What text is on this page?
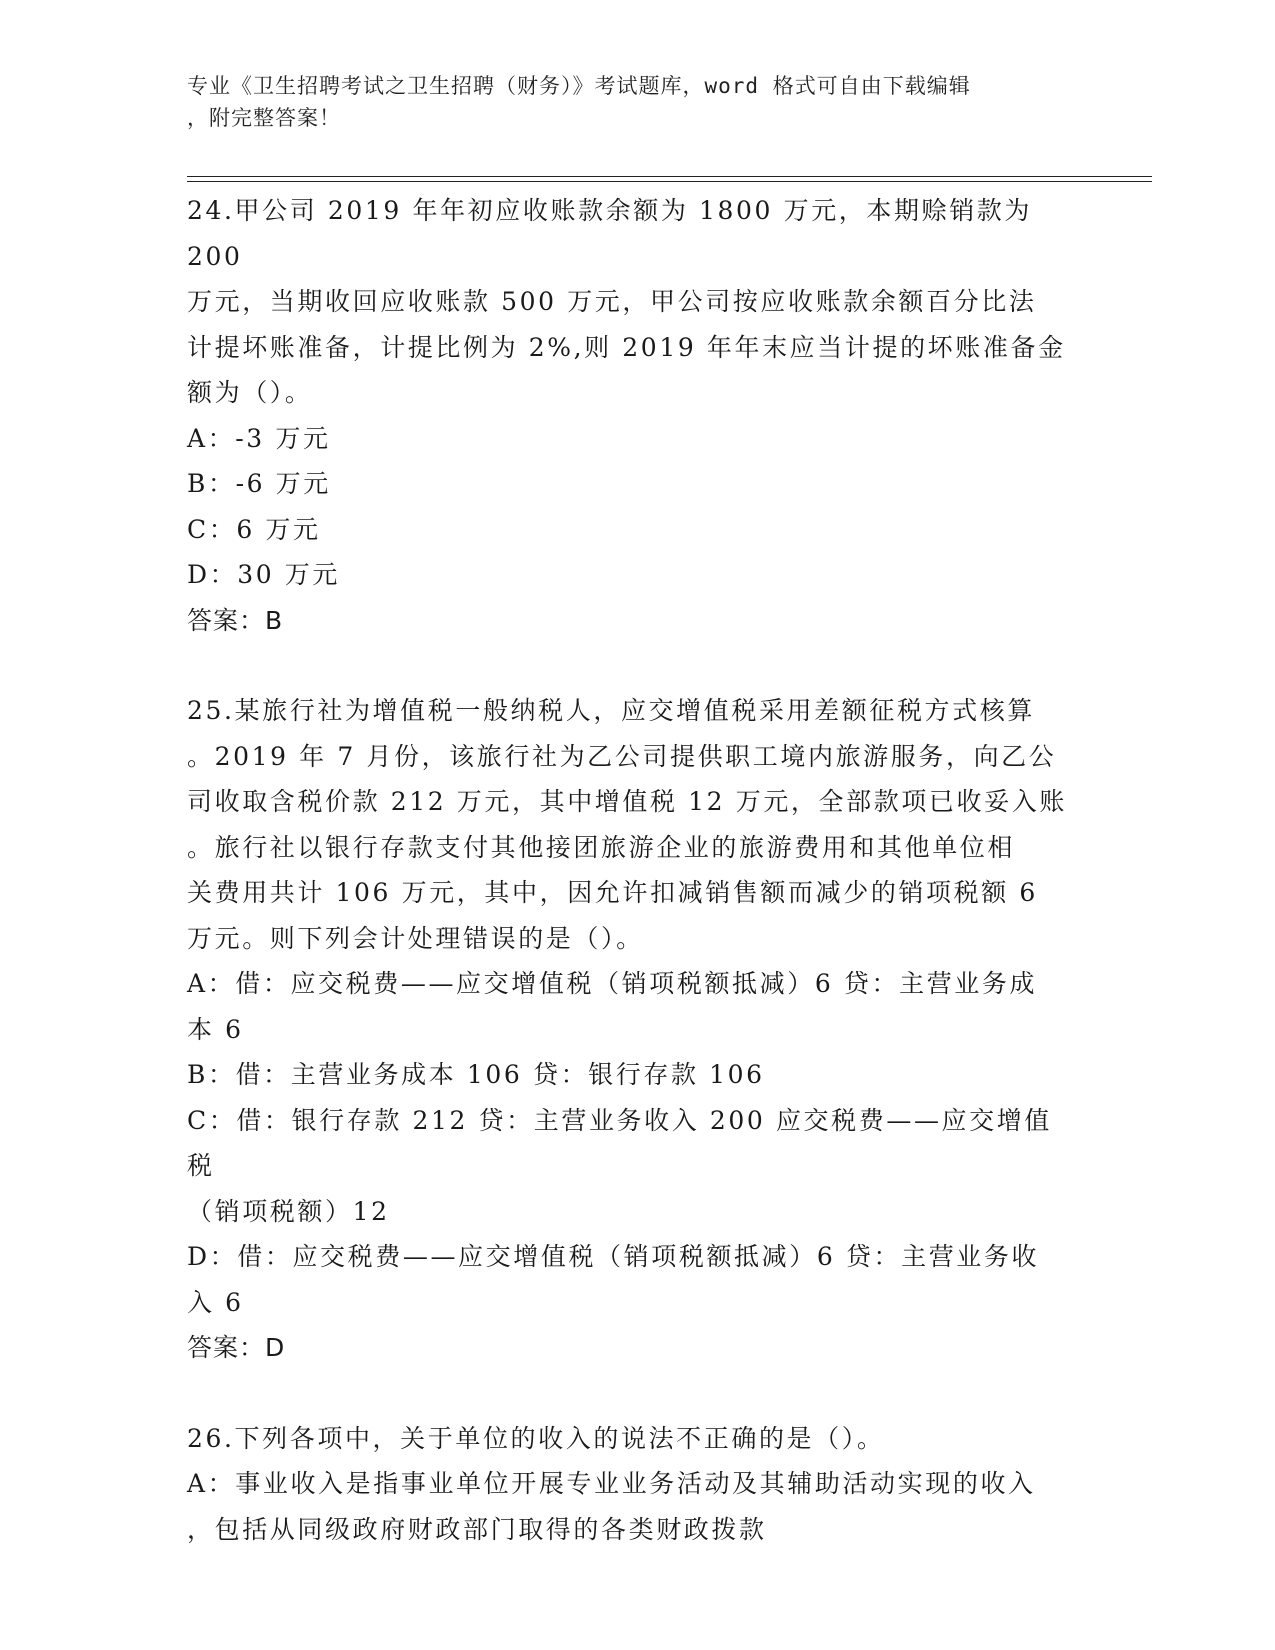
专业《卫生招聘考试之卫生招聘（财务）》考试题库，word 格式可自由下载编辑
，附完整答案！
24.甲公司 2019 年年初应收账款余额为 1800 万元，本期赊销款为 200
万元，当期收回应收账款 500 万元，甲公司按应收账款余额百分比法
计提坏账准备，计提比例为 2%,则 2019 年年末应当计提的坏账准备金
额为（）。
A：-3 万元
B：-6 万元
C：6 万元
D：30 万元
答案：B
25.某旅行社为增值税一般纳税人，应交增值税采用差额征税方式核算
。2019 年 7 月份，该旅行社为乙公司提供职工境内旅游服务，向乙公
司收取含税价款 212 万元，其中增值税 12 万元，全部款项已收妥入账
。旅行社以银行存款支付其他接团旅游企业的旅游费用和其他单位相
关费用共计 106 万元，其中，因允许扣减销售额而减少的销项税额 6
万元。则下列会计处理错误的是（）。
A：借：应交税费——应交增值税（销项税额抵减）6 贷：主营业务成
本 6
B：借：主营业务成本 106 贷：银行存款 106
C：借：银行存款 212 贷：主营业务收入 200 应交税费——应交增值税
（销项税额）12
D：借：应交税费——应交增值税（销项税额抵减）6 贷：主营业务收
入 6
答案：D
26.下列各项中，关于单位的收入的说法不正确的是（）。
A：事业收入是指事业单位开展专业业务活动及其辅助活动实现的收入
，包括从同级政府财政部门取得的各类财政拨款
